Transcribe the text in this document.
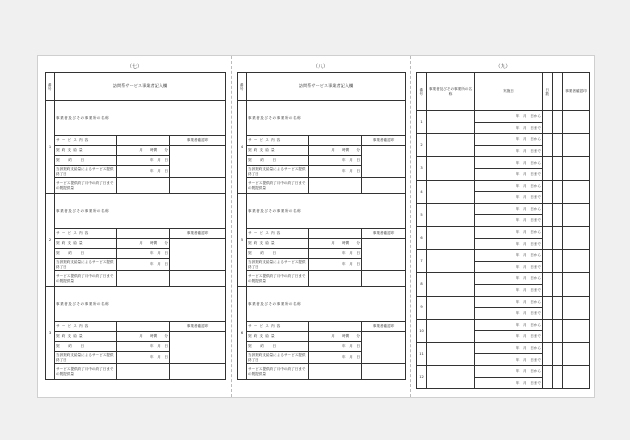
（七）
番号	訪問系サービス事業者記入欄		
1	事業者及びその事業所の名称		
	サ ー ビ ス 内 容		事業者確認印
	契 約 支 給 量	月　　時間　　分	
	契　　約　　日	年　月　日	
	当該契約支給量によるサービス提供終了日	年　月　日	
	サービス提供終了月中の終了日までの既提供量		
2	事業者及びその事業所の名称		
	サ ー ビ ス 内 容		事業者確認印
	契 約 支 給 量	月　　時間　　分	
	契　　約　　日	年　月　日	
	当該契約支給量によるサービス提供終了日	年　月　日	
	サービス提供終了月中の終了日までの既提供量		
3	事業者及びその事業所の名称		
	サ ー ビ ス 内 容		事業者確認印
	契 約 支 給 量	月　　時間　　分	
	契　　約　　日	年　月　日	
	当該契約支給量によるサービス提供終了日	年　月　日	
	サービス提供終了月中の終了日までの既提供量		
（八）
番号	訪問系サービス事業者記入欄		
4	事業者及びその事業所の名称		
	サ ー ビ ス 内 容		事業者確認印
	契 約 支 給 量	月　　時間　　分	
	契　　約　　日	年　月　日	
	当該契約支給量によるサービス提供終了日	年　月　日	
	サービス提供終了月中の終了日までの既提供量		
5	事業者及びその事業所の名称		
	サ ー ビ ス 内 容		事業者確認印
	契 約 支 給 量	月　　時間　　分	
	契　　約　　日	年　月　日	
	当該契約支給量によるサービス提供終了日	年　月　日	
	サービス提供終了月中の終了日までの既提供量		
6	事業者及びその事業所の名称		
	サ ー ビ ス 内 容		事業者確認印
	契 約 支 給 量	月　　時間　　分	
	契　　約　　日	年　月　日	
	当該契約支給量によるサービス提供終了日	年　月　日	
	サービス提供終了月中の終了日までの既提供量		
（九）
番号	事業者及びその事業所の名称	実施日	日数		事業者確認印
1		年　月　日から			
		年　月　日まで			
2		年　月　日から			
		年　月　日まで			
3		年　月　日から			
		年　月　日まで			
4		年　月　日から			
		年　月　日まで			
5		年　月　日から			
		年　月　日まで			
6		年　月　日から			
		年　月　日まで			
7		年　月　日から			
		年　月　日まで			
8		年　月　日から			
		年　月　日まで			
9		年　月　日から			
		年　月　日まで			
10		年　月　日から			
		年　月　日まで			
11		年　月　日から			
		年　月　日まで			
12		年　月　日から			
		年　月　日まで			
